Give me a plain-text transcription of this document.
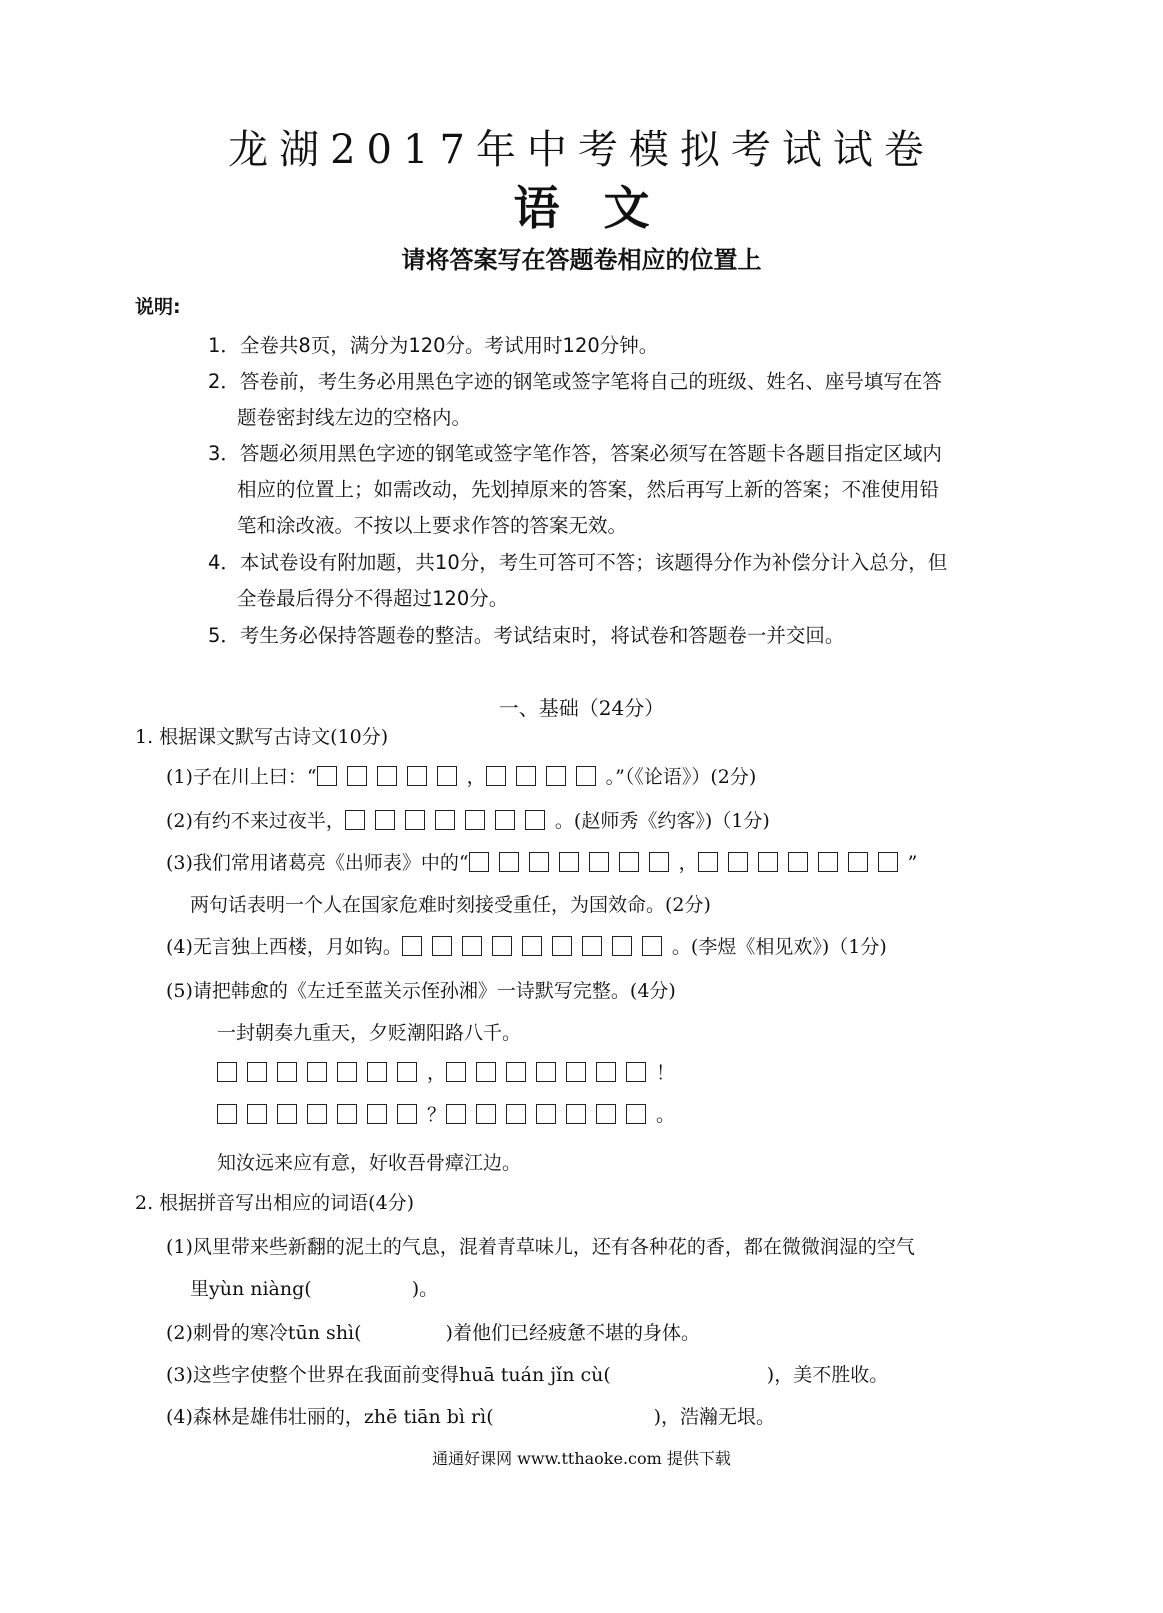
龙湖2017年中考模拟考试试卷
语文
请将答案写在答题卷相应的位置上
说明:
1．全卷共8页，满分为120分。考试用时120分钟。
2．答卷前，考生务必用黑色字迹的钢笔或签字笔将自己的班级、姓名、座号填写在答
题卷密封线左边的空格内。
3．答题必须用黑色字迹的钢笔或签字笔作答，答案必须写在答题卡各题目指定区域内
相应的位置上；如需改动，先划掉原来的答案，然后再写上新的答案；不准使用铅
笔和涂改液。不按以上要求作答的答案无效。
4．本试卷设有附加题，共10分，考生可答可不答；该题得分作为补偿分计入总分，但
全卷最后得分不得超过120分。
5．考生务必保持答题卷的整洁。考试结束时，将试卷和答题卷一并交回。
一、基础（24分）
1. 根据课文默写古诗文(10分)
(1)子在川上曰：“	，	。”（《论语》）(2分)
(2)有约不来过夜半，	。(赵师秀《约客》)（1分)
(3)我们常用诸葛亮《出师表》中的“	，	”
两句话表明一个人在国家危难时刻接受重任，为国效命。(2分)
(4)无言独上西楼，月如钩。	。(李煜《相见欢》)（1分)
(5)请把韩愈的《左迁至蓝关示侄孙湘》一诗默写完整。(4分)
一封朝奏九重天，夕贬潮阳路八千。
，	！
？	。
知汝远来应有意，好收吾骨瘴江边。
2. 根据拼音写出相应的词语(4分)
(1)风里带来些新翻的泥土的气息，混着青草味儿，还有各种花的香，都在微微润湿的空气
里yùn niàng(	)。
(2)刺骨的寒冷tūn shì(	)着他们已经疲惫不堪的身体。
(3)这些字使整个世界在我面前变得huā tuán jǐn cù(	)，美不胜收。
(4)森林是雄伟壮丽的，zhē tiān bì rì(	)，浩瀚无垠。
通通好课网 www.tthaoke.com 提供下载
